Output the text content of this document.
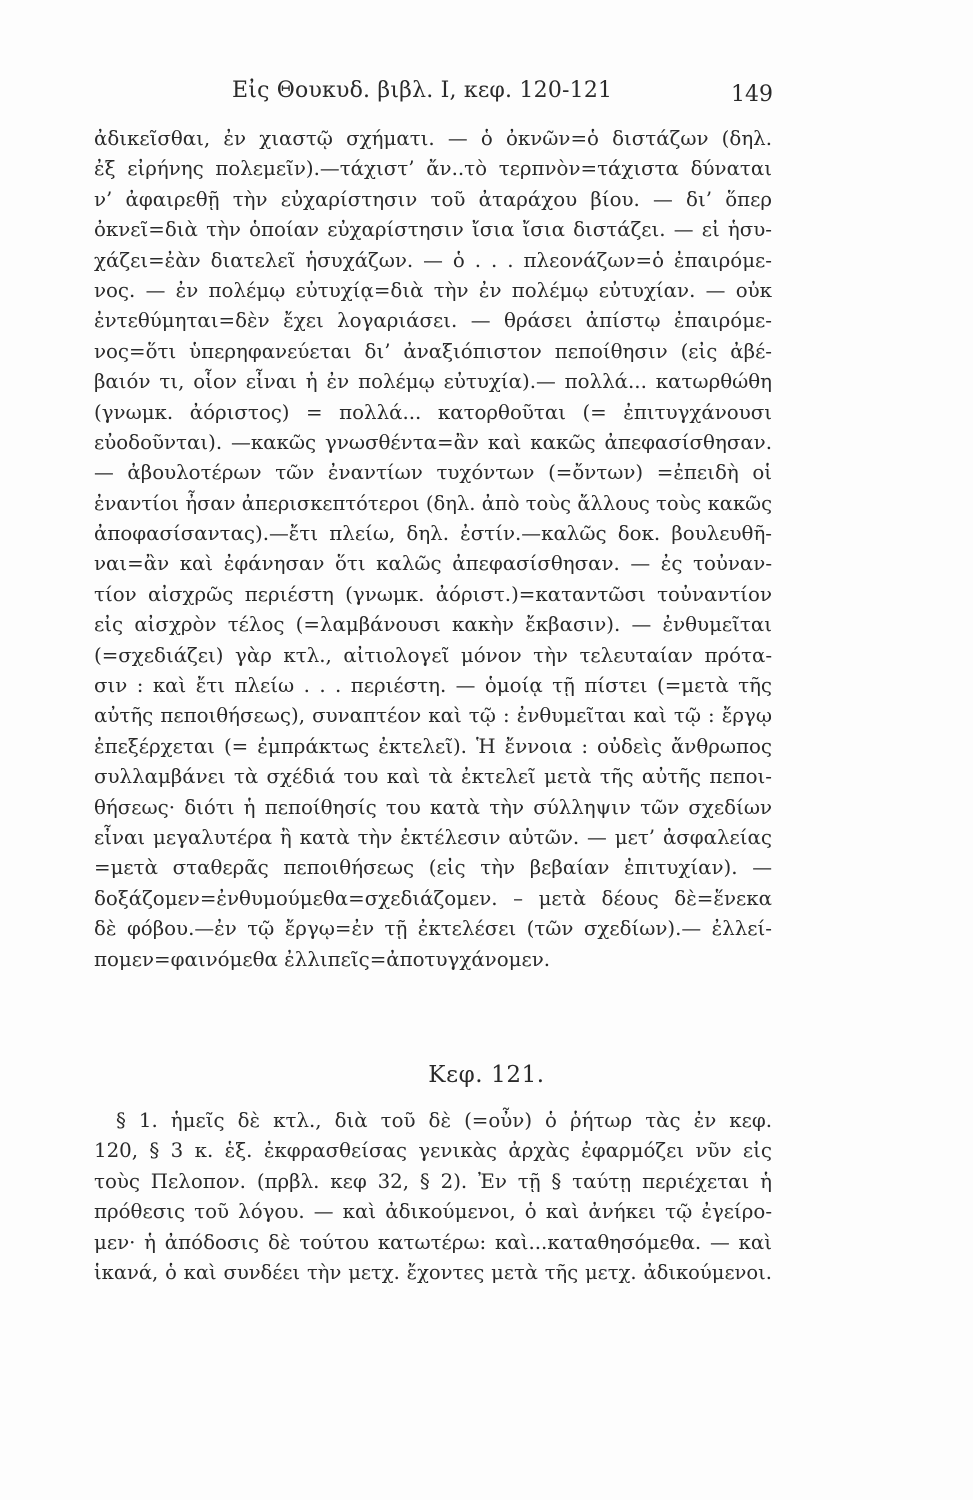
Εἰς Θουκυδ. βιβλ. Ι, κεφ. 120-121	149
ἀδικεῖσθαι, ἐν χιαστῷ σχήματι. — ὁ ὀκνῶν=ὁ διστάζων (δηλ.
ἐξ εἰρήνης πολεμεῖν).—τάχιστ’ ἄν..τὸ τερπνὸν=τάχιστα δύναται
ν’ ἀφαιρεθῇ τὴν εὐχαρίστησιν τοῦ ἀταράχου βίου. — δι’ ὅπερ
ὀκνεῖ=διὰ τὴν ὁποίαν εὐχαρίστησιν ἴσια ἴσια διστάζει. — εἰ ἡσυ-
χάζει=ἐὰν διατελεῖ ἡσυχάζων. — ὁ . . . πλεονάζων=ὁ ἐπαιρόμε-
νος. — ἐν πολέμῳ εὐτυχίᾳ=διὰ τὴν ἐν πολέμῳ εὐτυχίαν. — οὐκ
ἐντεθύμηται=δὲν ἔχει λογαριάσει. — θράσει ἀπίστῳ ἐπαιρόμε-
νος=ὅτι ὑπερηφανεύεται δι’ ἀναξιόπιστον πεποίθησιν (εἰς ἀβέ-
βαιόν τι, οἷον εἶναι ἡ ἐν πολέμῳ εὐτυχία).— πολλά... κατωρθώθη
(γνωμκ. ἀόριστος) = πολλά... κατορθοῦται (= ἐπιτυγχάνουσι
εὐοδοῦνται). —κακῶς γνωσθέντα=ἂν καὶ κακῶς ἀπεφασίσθησαν.
— ἀβουλοτέρων τῶν ἐναντίων τυχόντων (=ὄντων) =ἐπειδὴ οἱ
ἐναντίοι ἦσαν ἀπερισκεπτότεροι (δηλ. ἀπὸ τοὺς ἄλλους τοὺς κακῶς
ἀποφασίσαντας).—ἔτι πλείω, δηλ. ἐστίν.—καλῶς δοκ. βουλευθῆ-
ναι=ἂν καὶ ἐφάνησαν ὅτι καλῶς ἀπεφασίσθησαν. — ἐς τοὐναν-
τίον αἰσχρῶς περιέστη (γνωμκ. ἀόριστ.)=καταντῶσι τοὐναντίον
εἰς αἰσχρὸν τέλος (=λαμβάνουσι κακὴν ἔκβασιν). — ἐνθυμεῖται
(=σχεδιάζει) γὰρ κτλ., αἰτιολογεῖ μόνον τὴν τελευταίαν πρότα-
σιν : καὶ ἔτι πλείω . . . περιέστη. — ὁμοίᾳ τῇ πίστει (=μετὰ τῆς
αὐτῆς πεποιθήσεως), συναπτέον καὶ τῷ : ἐνθυμεῖται καὶ τῷ : ἔργῳ
ἐπεξέρχεται (= ἐμπράκτως ἐκτελεῖ). Ἡ ἔννοια : οὐδεὶς ἄνθρωπος
συλλαμβάνει τὰ σχέδιά του καὶ τὰ ἐκτελεῖ μετὰ τῆς αὐτῆς πεποι-
θήσεως· διότι ἡ πεποίθησίς του κατὰ τὴν σύλληψιν τῶν σχεδίων
εἶναι μεγαλυτέρα ἢ κατὰ τὴν ἐκτέλεσιν αὐτῶν. — μετ’ ἀσφαλείας
=μετὰ σταθερᾶς πεποιθήσεως (εἰς τὴν βεβαίαν ἐπιτυχίαν). —
δοξάζομεν=ἐνθυμούμεθα=σχεδιάζομεν. – μετὰ δέους δὲ=ἕνεκα
δὲ φόβου.—ἐν τῷ ἔργῳ=ἐν τῇ ἐκτελέσει (τῶν σχεδίων).— ἐλλεί-
πομεν=φαινόμεθα ἐλλιπεῖς=ἀποτυγχάνομεν.
Κεφ. 121.
§ 1. ἡμεῖς δὲ κτλ., διὰ τοῦ δὲ (=οὖν) ὁ ῥήτωρ τὰς ἐν κεφ.
120, § 3 κ. ἑξ. ἐκφρασθείσας γενικὰς ἀρχὰς ἐφαρμόζει νῦν εἰς
τοὺς Πελοπον. (πρβλ. κεφ 32, § 2). Ἐν τῇ § ταύτῃ περιέχεται ἡ
πρόθεσις τοῦ λόγου. — καὶ ἀδικούμενοι, ὁ καὶ ἀνήκει τῷ ἐγείρο-
μεν· ἡ ἀπόδοσις δὲ τούτου κατωτέρω: καὶ...καταθησόμεθα. — καὶ
ἱκανά, ὁ καὶ συνδέει τὴν μετχ. ἔχοντες μετὰ τῆς μετχ. ἀδικούμενοι.
